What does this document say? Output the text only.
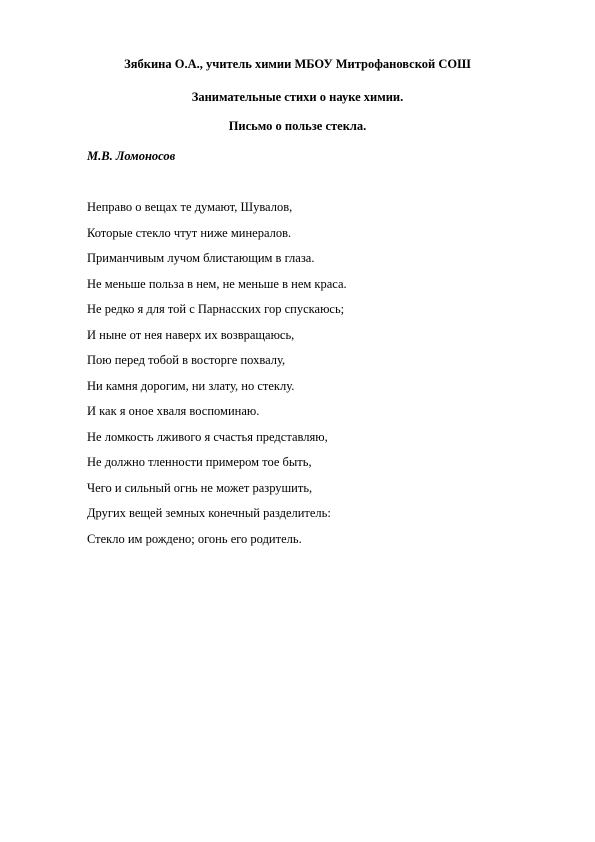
Зябкина О.А., учитель химии МБОУ Митрофановской СОШ
Занимательные стихи о науке химии.
Письмо о пользе стекла.
М.В. Ломоносов
Неправо о вещах те думают, Шувалов,
Которые стекло чтут ниже минералов.
Приманчивым лучом блистающим в глаза.
Не меньше польза в нем, не меньше в нем краса.
Не редко я для той с Парнасских гор спускаюсь;
И ныне от нея наверх их возвращаюсь,
Пою перед тобой в восторге похвалу,
Ни камня дорогим, ни злату, но стеклу.
И как я оное хваля воспоминаю.
Не ломкость лживого я счастья представляю,
Не должно тленности примером тое быть,
Чего и сильный огнь не может разрушить,
Других вещей земных конечный разделитель:
Стекло им рождено; огонь его родитель.
